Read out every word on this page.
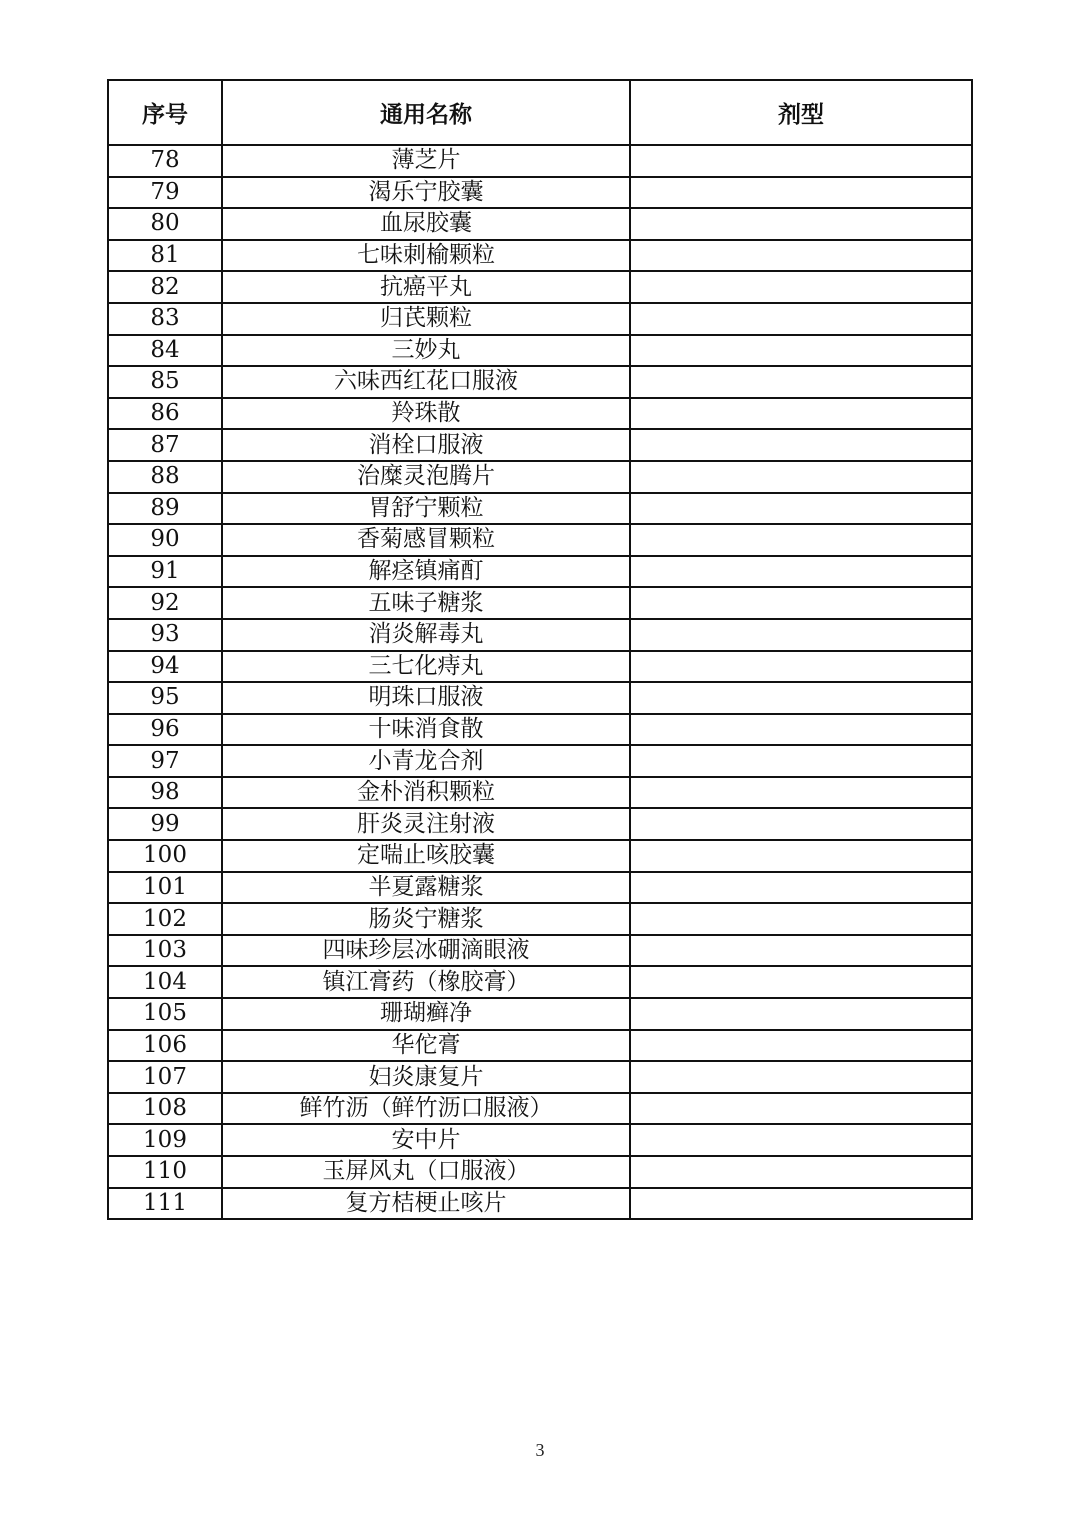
序号	通用名称	剂型
78	薄芝片	
79	渴乐宁胶囊	
80	血尿胶囊	
81	七味刺榆颗粒	
82	抗癌平丸	
83	归芪颗粒	
84	三妙丸	
85	六味西红花口服液	
86	羚珠散	
87	消栓口服液	
88	治糜灵泡腾片	
89	胃舒宁颗粒	
90	香菊感冒颗粒	
91	解痉镇痛酊	
92	五味子糖浆	
93	消炎解毒丸	
94	三七化痔丸	
95	明珠口服液	
96	十味消食散	
97	小青龙合剂	
98	金朴消积颗粒	
99	肝炎灵注射液	
100	定喘止咳胶囊	
101	半夏露糖浆	
102	肠炎宁糖浆	
103	四味珍层冰硼滴眼液	
104	镇江膏药（橡胶膏）	
105	珊瑚癣净	
106	华佗膏	
107	妇炎康复片	
108	鲜竹沥（鲜竹沥口服液）	
109	安中片	
110	玉屏风丸（口服液）	
111	复方桔梗止咳片	
3
